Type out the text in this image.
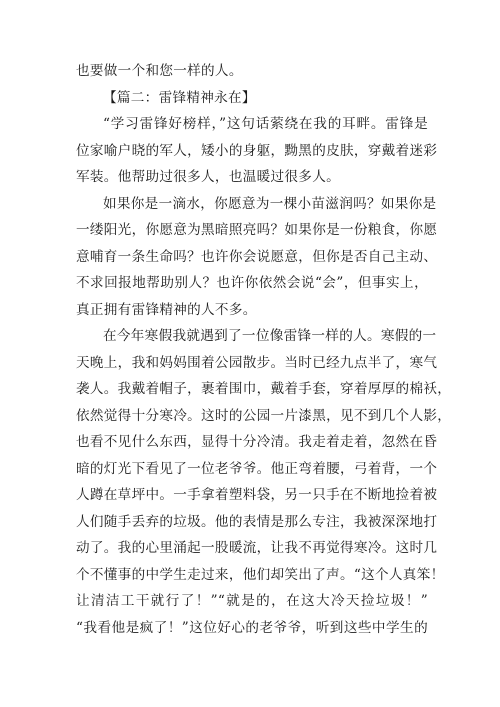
也要做一个和您一样的人。
【篇二：雷锋精神永在】
“学习雷锋好榜样，”这句话萦绕在我的耳畔。雷锋是
位家喻户晓的军人，矮小的身躯，黝黑的皮肤，穿戴着迷彩
军装。他帮助过很多人，也温暖过很多人。
如果你是一滴水，你愿意为一棵小苗滋润吗？如果你是
一缕阳光，你愿意为黑暗照亮吗？如果你是一份粮食，你愿
意哺育一条生命吗？也许你会说愿意，但你是否自己主动、
不求回报地帮助别人？也许你依然会说“会”，但事实上，
真正拥有雷锋精神的人不多。
在今年寒假我就遇到了一位像雷锋一样的人。寒假的一
天晚上，我和妈妈围着公园散步。当时已经九点半了，寒气
袭人。我戴着帽子，裹着围巾，戴着手套，穿着厚厚的棉袄，
依然觉得十分寒冷。这时的公园一片漆黑，见不到几个人影，
也看不见什么东西，显得十分冷清。我走着走着，忽然在昏
暗的灯光下看见了一位老爷爷。他正弯着腰，弓着背，一个
人蹲在草坪中。一手拿着塑料袋，另一只手在不断地捡着被
人们随手丢弃的垃圾。他的表情是那么专注，我被深深地打
动了。我的心里涌起一股暖流，让我不再觉得寒冷。这时几
个不懂事的中学生走过来，他们却笑出了声。“这个人真笨！
让清洁工干就行了！”“就是的，在这大冷天捡垃圾！”
“我看他是疯了！”这位好心的老爷爷，听到这些中学生的
